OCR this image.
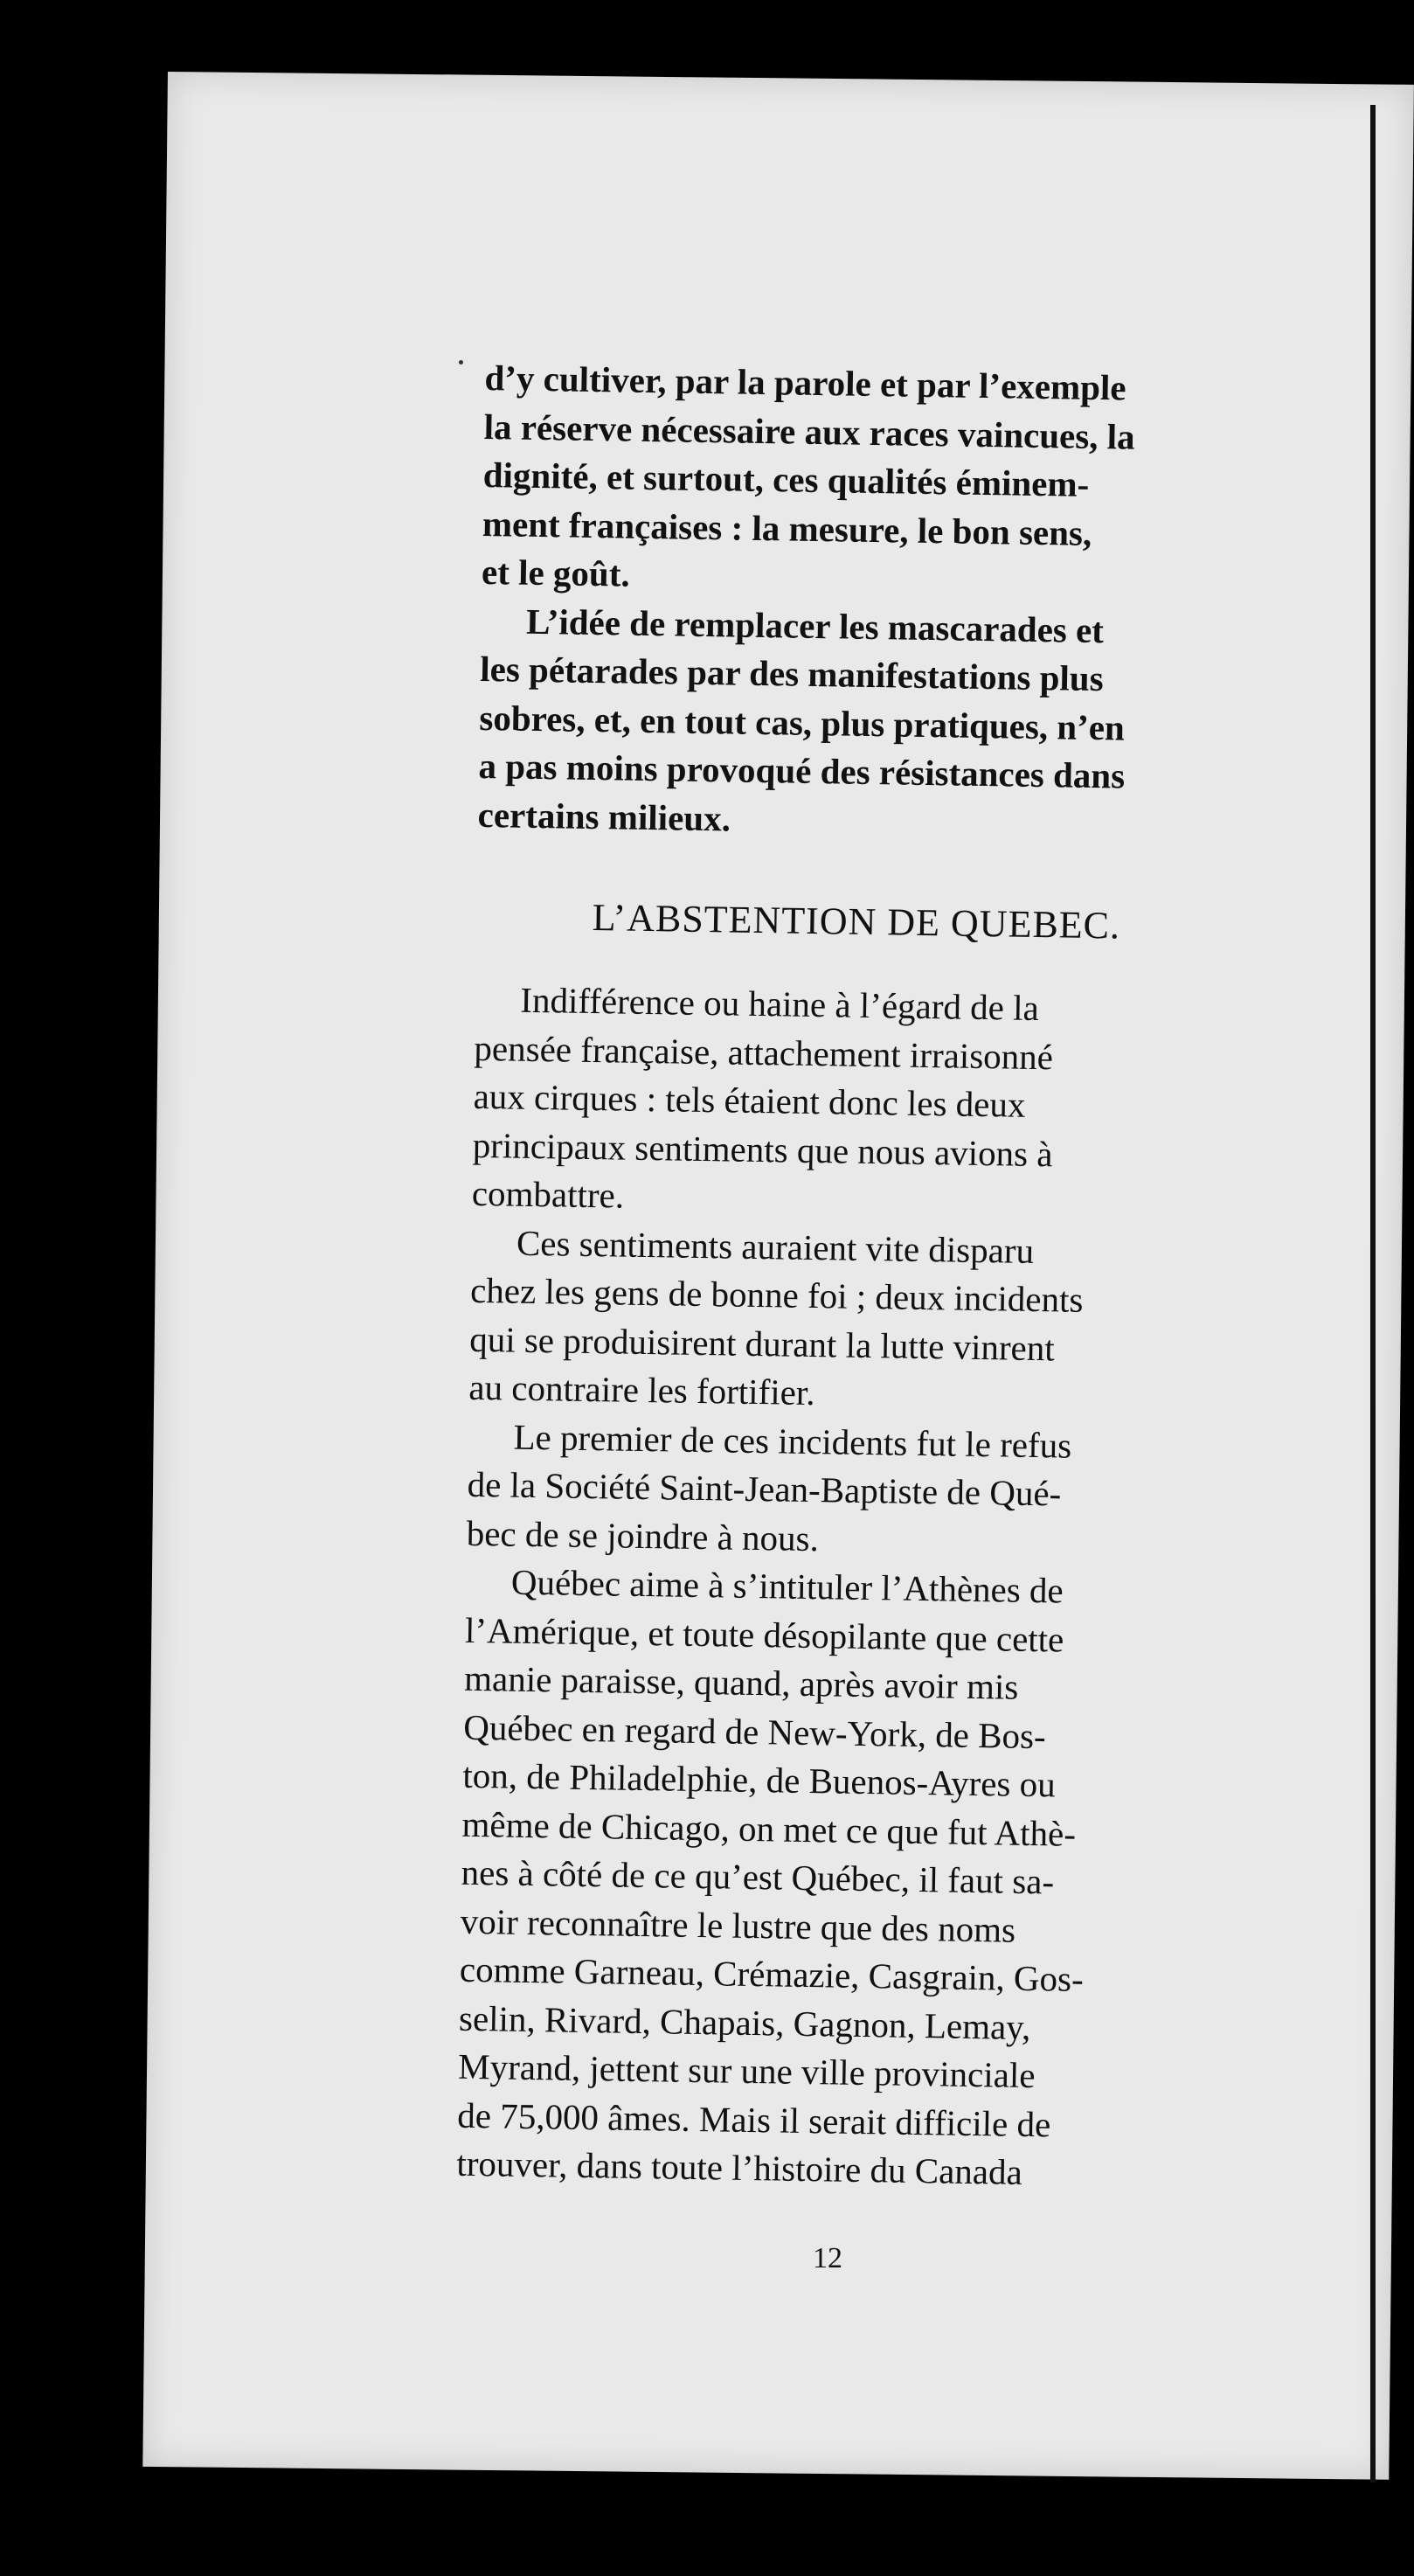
d’y cultiver, par la parole et par l’exemple
la réserve nécessaire aux races vaincues, la
dignité, et surtout, ces qualités éminem-
ment françaises : la mesure, le bon sens,
et le goût.

L’idée de remplacer les mascarades et
les pétarades par des manifestations plus
sobres, et, en tout cas, plus pratiques, n’en
a pas moins provoqué des résistances dans
certains milieux.

L’ABSTENTION DE QUEBEC.

Indifférence ou haine à l’égard de la
pensée française, attachement irraisonné
aux cirques : tels étaient donc les deux
principaux sentiments que nous avions à
combattre.

Ces sentiments auraient vite disparu
chez les gens de bonne foi ; deux incidents
qui se produisirent durant la lutte vinrent
au contraire les fortifier.

Le premier de ces incidents fut le refus
de la Société Saint-Jean-Baptiste de Qué-
bec de se joindre à nous.

Québec aime à s’intituler l’Athènes de
l’Amérique, et toute désopilante que cette
manie paraisse, quand, après avoir mis
Québec en regard de New-York, de Bos-
ton, de Philadelphie, de Buenos-Ayres ou
même de Chicago, on met ce que fut Athè-
nes à côté de ce qu’est Québec, il faut sa-
voir reconnaître le lustre que des noms
comme Garneau, Crémazie, Casgrain, Gos-
selin, Rivard, Chapais, Gagnon, Lemay,
Myrand, jettent sur une ville provinciale
de 75,000 âmes. Mais il serait difficile de
trouver, dans toute l’histoire du Canada

12
